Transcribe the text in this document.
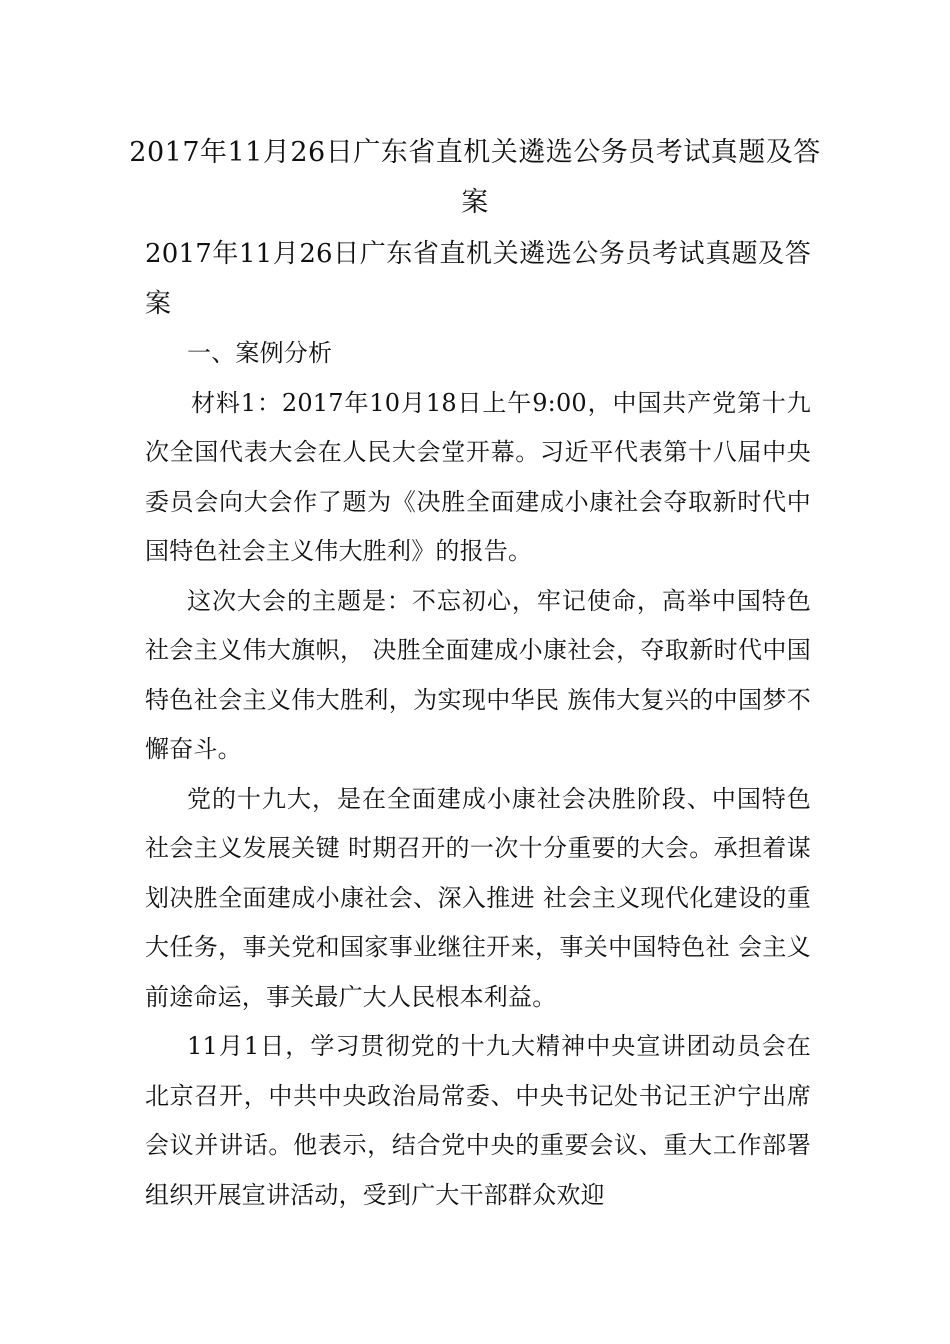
2017年11月26日广东省直机关遴选公务员考试真题及答案

2017年11月26日广东省直机关遴选公务员考试真题及答案

一、案例分析

材料1：2017年10月18日上午9:00，中国共产党第十九次全国代表大会在人民大会堂开幕。习近平代表第十八届中央委员会向大会作了题为《决胜全面建成小康社会夺取新时代中国特色社会主义伟大胜利》的报告。

这次大会的主题是：不忘初心，牢记使命，高举中国特色社会主义伟大旗帜， 决胜全面建成小康社会，夺取新时代中国特色社会主义伟大胜利，为实现中华民 族伟大复兴的中国梦不懈奋斗。

党的十九大，是在全面建成小康社会决胜阶段、中国特色社会主义发展关键 时期召开的一次十分重要的大会。承担着谋划决胜全面建成小康社会、深入推进 社会主义现代化建设的重大任务，事关党和国家事业继往开来，事关中国特色社 会主义前途命运，事关最广大人民根本利益。

11月1日，学习贯彻党的十九大精神中央宣讲团动员会在北京召开，中共中央政治局常委、中央书记处书记王沪宁出席会议并讲话。他表示，结合党中央的重要会议、重大工作部署组织开展宣讲活动，受到广大干部群众欢迎
